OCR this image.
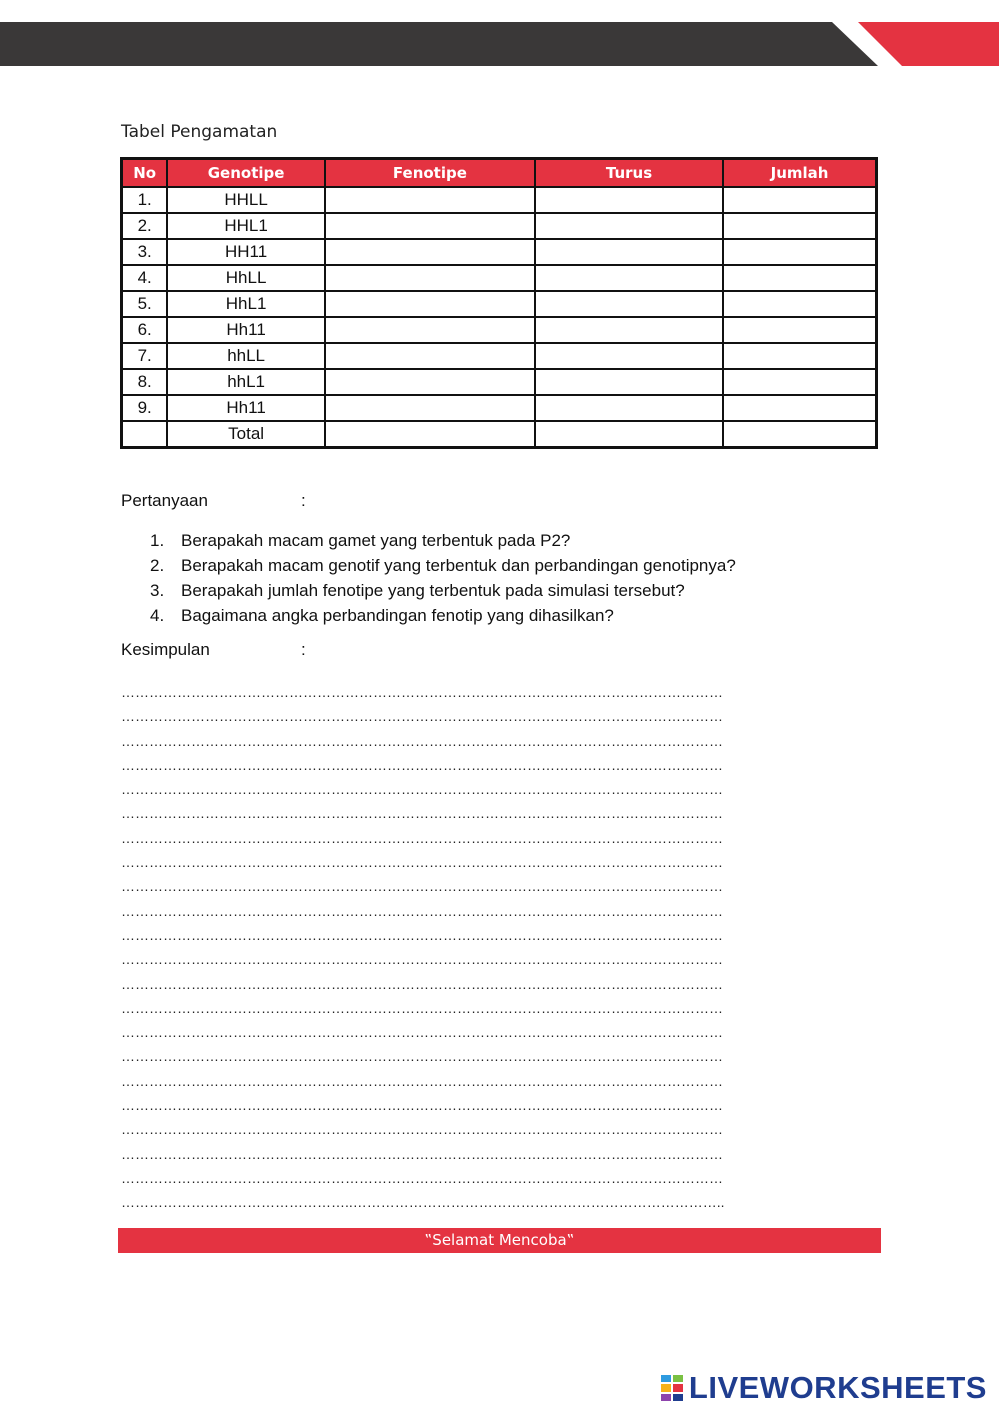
Tabel Pengamatan
No	Genotipe	Fenotipe	Turus	Jumlah
1.	HHLL			
2.	HHL1			
3.	HH11			
4.	HhLL			
5.	HhL1			
6.	Hh11			
7.	hhLL			
8.	hhL1			
9.	Hh11			
	Total			
Pertanyaan	:
1. Berapakah macam gamet yang terbentuk pada P2?
2. Berapakah macam genotif yang terbentuk dan perbandingan genotipnya?
3. Berapakah jumlah fenotipe yang terbentuk pada simulasi tersebut?
4. Bagaimana angka perbandingan fenotip yang dihasilkan?
Kesimpulan	:
…………………………………………………………………………………………………………………
…………………………………………………………………………………………………………………
…………………………………………………………………………………………………………………
…………………………………………………………………………………………………………………
…………………………………………………………………………………………………………………
…………………………………………………………………………………………………………………
…………………………………………………………………………………………………………………
…………………………………………………………………………………………………………………
…………………………………………………………………………………………………………………
…………………………………………………………………………………………………………………
…………………………………………………………………………………………………………………
…………………………………………………………………………………………………………………
…………………………………………………………………………………………………………………
…………………………………………………………………………………………………………………
…………………………………………………………………………………………………………………
…………………………………………………………………………………………………………………
…………………………………………………………………………………………………………………
…………………………………………………………………………………………………………………
…………………………………………………………………………………………………………………
…………………………………………………………………………………………………………………
…………………………………………………………………………………………………………………
…………………………………………..……………………………………………………………………..
‟Selamat Mencoba‟
LIVEWORKSHEETS
